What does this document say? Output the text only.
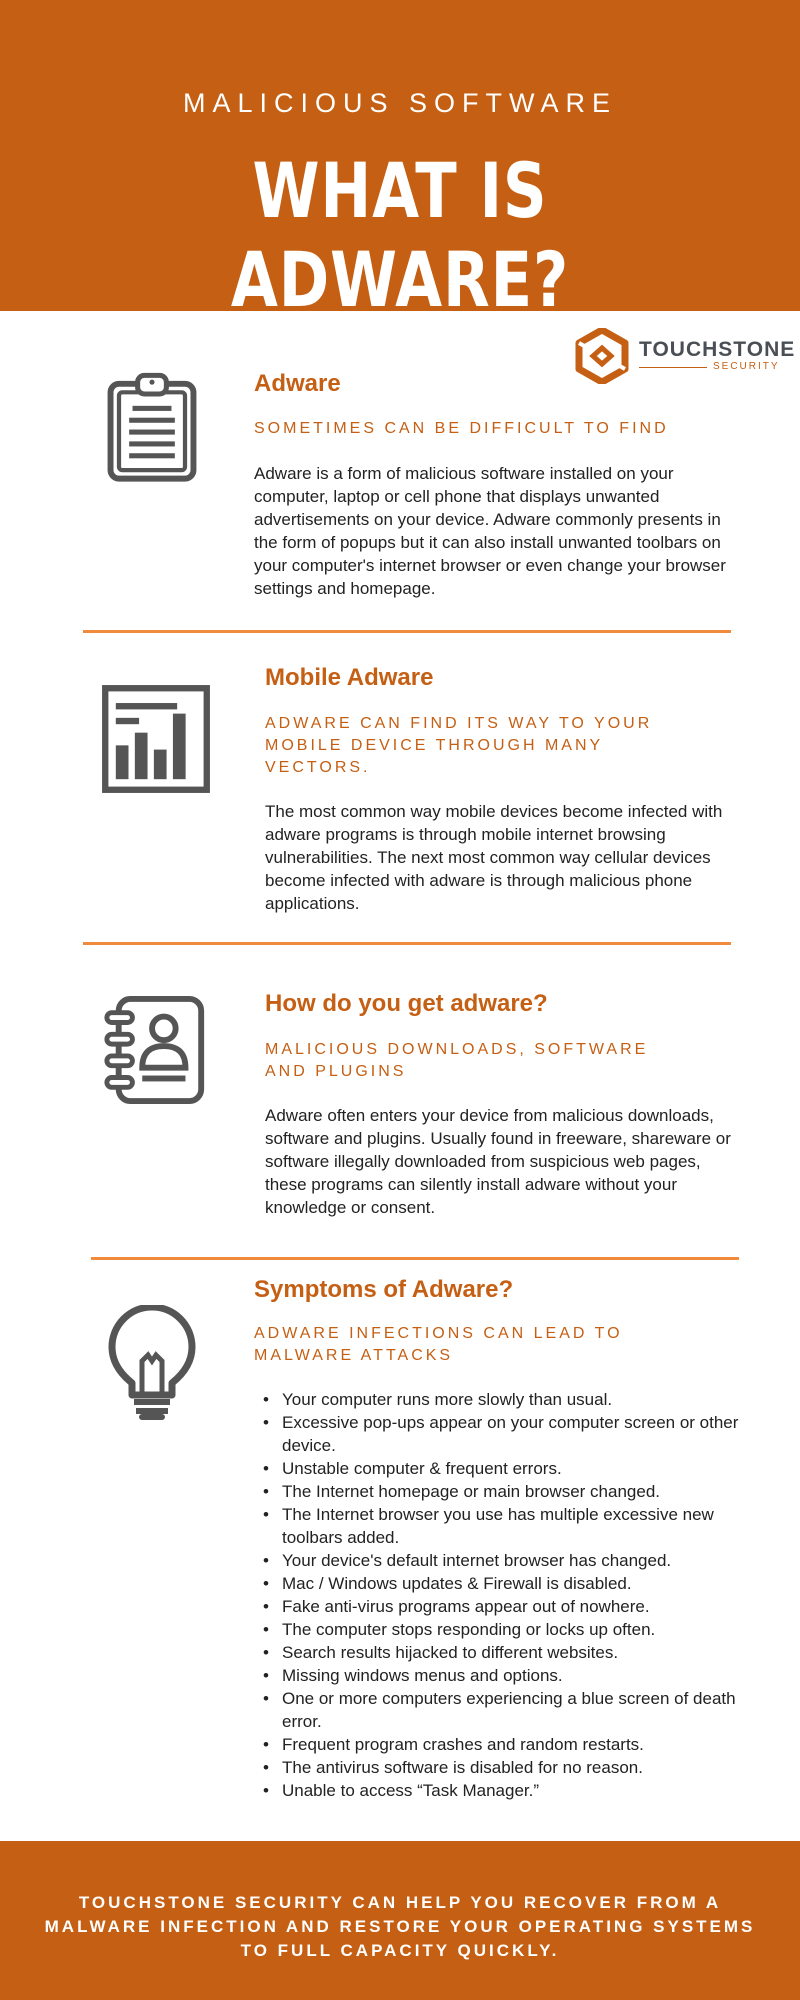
MALICIOUS SOFTWARE
WHAT IS ADWARE?
TOUCHSTONE
SECURITY
Adware
SOMETIMES CAN BE DIFFICULT TO FIND
Adware is a form of malicious software installed on your computer, laptop or cell phone that displays unwanted advertisements on your device. Adware commonly presents in the form of popups but it can also install unwanted toolbars on your computer's internet browser or even change your browser settings and homepage.
Mobile Adware
ADWARE CAN FIND ITS WAY TO YOUR MOBILE DEVICE THROUGH MANY VECTORS.
The most common way mobile devices become infected with adware programs is through mobile internet browsing vulnerabilities. The next most common way cellular devices become infected with adware is through malicious phone applications.
How do you get adware?
MALICIOUS DOWNLOADS, SOFTWARE AND PLUGINS
Adware often enters your device from malicious downloads, software and plugins. Usually found in freeware, shareware or software illegally downloaded from suspicious web pages, these programs can silently install adware without your knowledge or consent.
Symptoms of Adware?
ADWARE INFECTIONS CAN LEAD TO MALWARE ATTACKS
• Your computer runs more slowly than usual.
• Excessive pop-ups appear on your computer screen or other device.
• Unstable computer & frequent errors.
• The Internet homepage or main browser changed.
• The Internet browser you use has multiple excessive new toolbars added.
• Your device's default internet browser has changed.
• Mac / Windows updates & Firewall is disabled.
• Fake anti-virus programs appear out of nowhere.
• The computer stops responding or locks up often.
• Search results hijacked to different websites.
• Missing windows menus and options.
• One or more computers experiencing a blue screen of death error.
• Frequent program crashes and random restarts.
• The antivirus software is disabled for no reason.
• Unable to access “Task Manager.”
TOUCHSTONE SECURITY CAN HELP YOU RECOVER FROM A MALWARE INFECTION AND RESTORE YOUR OPERATING SYSTEMS TO FULL CAPACITY QUICKLY.
